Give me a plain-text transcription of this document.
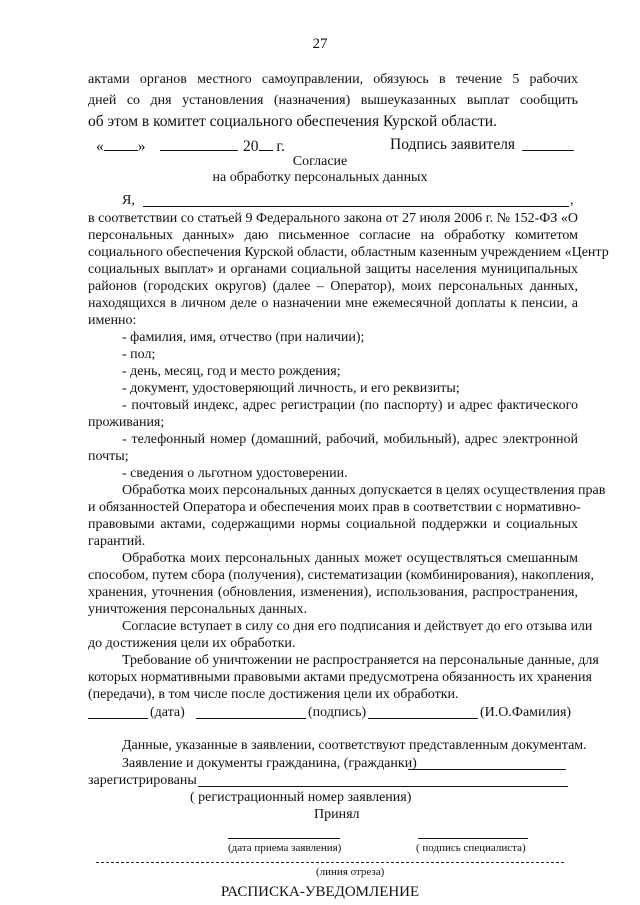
27
актами органов местного самоуправлении, обязуюсь в течение 5 рабочих
дней со дня установления (назначения) вышеуказанных выплат сообщить
об этом в комитет социального обеспечения Курской области.
« »	20 г.	Подпись заявителя
Согласие
на обработку персональных данных
Я,	,
в соответствии со статьей 9 Федерального закона от 27 июля 2006 г. № 152-ФЗ «О
персональных данных» даю письменное согласие на обработку комитетом
социального обеспечения Курской области, областным казенным учреждением «Центр
социальных выплат» и органами социальной защиты населения муниципальных
районов (городских округов) (далее – Оператор), моих персональных данных,
находящихся в личном деле о назначении мне ежемесячной доплаты к пенсии, а
именно:
- фамилия, имя, отчество (при наличии);
- пол;
- день, месяц, год и место рождения;
- документ, удостоверяющий личность, и его реквизиты;
- почтовый индекс, адрес регистрации (по паспорту) и адрес фактического
проживания;
- телефонный номер (домашний, рабочий, мобильный), адрес электронной
почты;
- сведения о льготном удостоверении.
Обработка моих персональных данных допускается в целях осуществления прав
и обязанностей Оператора и обеспечения моих прав в соответствии с нормативно-
правовыми актами, содержащими нормы социальной поддержки и социальных
гарантий.
Обработка моих персональных данных может осуществляться смешанным
способом, путем сбора (получения), систематизации (комбинирования), накопления,
хранения, уточнения (обновления, изменения), использования, распространения,
уничтожения персональных данных.
Согласие вступает в силу со дня его подписания и действует до его отзыва или
до достижения цели их обработки.
Требование об уничтожении не распространяется на персональные данные, для
которых нормативными правовыми актами предусмотрена обязанность их хранения
(передачи), в том числе после достижения цели их обработки.
(дата)	(подпись)	(И.О.Фамилия)
Данные, указанные в заявлении, соответствуют представленным документам.
Заявление и документы гражданина, (гражданки)
зарегистрированы
( регистрационный номер заявления)
Принял
(дата приема заявления)	( подпись специалиста)
(линия отреза)
РАСПИСКА-УВЕДОМЛЕНИЕ
